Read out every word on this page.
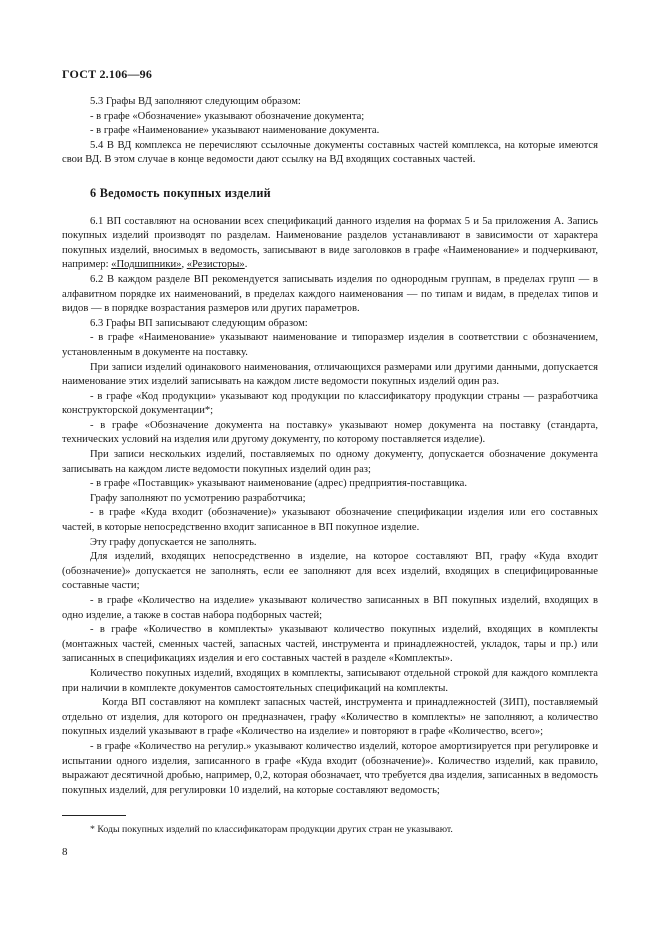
ГОСТ 2.106—96

5.3 Графы ВД заполняют следующим образом:

- в графе «Обозначение» указывают обозначение документа;

- в графе «Наименование» указывают наименование документа.

5.4 В ВД комплекса не перечисляют ссылочные документы составных частей комплекса, на которые имеются свои ВД. В этом случае в конце ведомости дают ссылку на ВД входящих составных частей.

6 Ведомость покупных изделий

6.1 ВП составляют на основании всех спецификаций данного изделия на формах 5 и 5а приложения А. Запись покупных изделий производят по разделам. Наименование разделов устанавливают в зависимости от характера покупных изделий, вносимых в ведомость, записывают в виде заголовков в графе «Наименование» и подчеркивают, например: «Подшипники», «Резисторы».

6.2 В каждом разделе ВП рекомендуется записывать изделия по однородным группам, в пределах групп — в алфавитном порядке их наименований, в пределах каждого наименования — по типам и видам, в пределах типов и видов — в порядке возрастания размеров или других параметров.

6.3 Графы ВП записывают следующим образом:

- в графе «Наименование» указывают наименование и типоразмер изделия в соответствии с обозначением, установленным в документе на поставку.

При записи изделий одинакового наименования, отличающихся размерами или другими данными, допускается наименование этих изделий записывать на каждом листе ведомости покупных изделий один раз.

- в графе «Код продукции» указывают код продукции по классификатору продукции страны — разработчика конструкторской документации*;

- в графе «Обозначение документа на поставку» указывают номер документа на поставку (стандарта, технических условий на изделия или другому документу, по которому поставляется изделие).

При записи нескольких изделий, поставляемых по одному документу, допускается обозначение документа записывать на каждом листе ведомости покупных изделий один раз;

- в графе «Поставщик» указывают наименование (адрес) предприятия-поставщика.

Графу заполняют по усмотрению разработчика;

- в графе «Куда входит (обозначение)» указывают обозначение спецификации изделия или его составных частей, в которые непосредственно входит записанное в ВП покупное изделие.

Эту графу допускается не заполнять.

Для изделий, входящих непосредственно в изделие, на которое составляют ВП, графу «Куда входит (обозначение)» допускается не заполнять, если ее заполняют для всех изделий, входящих в специфицированные составные части;

- в графе «Количество на изделие» указывают количество записанных в ВП покупных изделий, входящих в одно изделие, а также в состав набора подборных частей;

- в графе «Количество в комплекты» указывают количество покупных изделий, входящих в комплекты (монтажных частей, сменных частей, запасных частей, инструмента и принадлежностей, укладок, тары и пр.) или записанных в спецификациях изделия и его составных частей в разделе «Комплекты».

Количество покупных изделий, входящих в комплекты, записывают отдельной строкой для каждого комплекта при наличии в комплекте документов самостоятельных спецификаций на комплекты.

Когда ВП составляют на комплект запасных частей, инструмента и принадлежностей (ЗИП), поставляемый отдельно от изделия, для которого он предназначен, графу «Количество в комплекты» не заполняют, а количество покупных изделий указывают в графе «Количество на изделие» и повторяют в графе «Количество, всего»;

- в графе «Количество на регулир.» указывают количество изделий, которое амортизируется при регулировке и испытании одного изделия, записанного в графе «Куда входит (обозначение)». Количество изделий, как правило, выражают десятичной дробью, например, 0,2, которая обозначает, что требуется два изделия, записанных в ведомость покупных изделий, для регулировки 10 изделий, на которые составляют ведомость;

* Коды покупных изделий по классификаторам продукции других стран не указывают.
8
